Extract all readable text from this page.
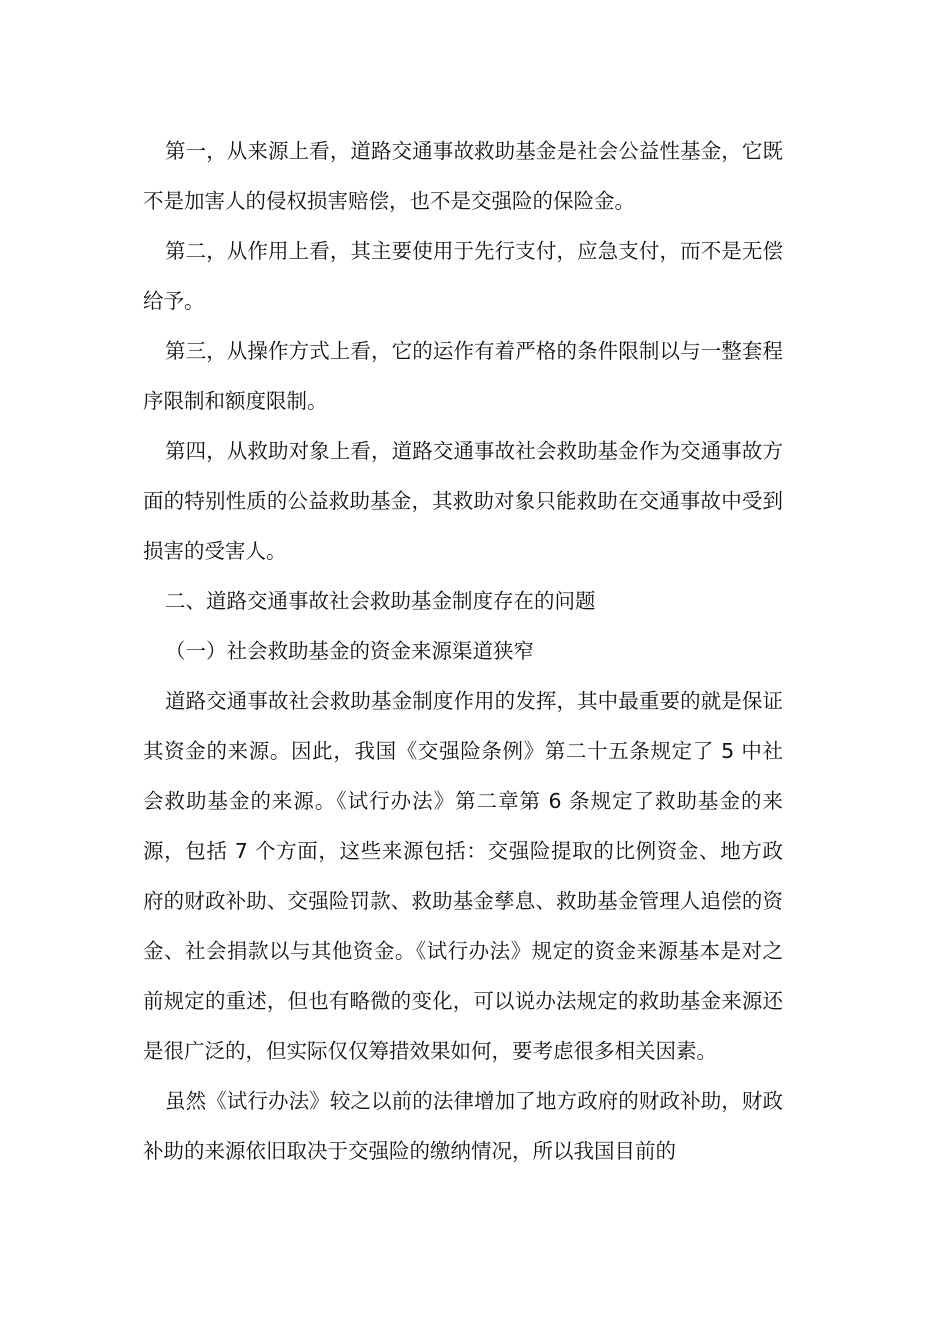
第一，从来源上看，道路交通事故救助基金是社会公益性基金，它既不是加害人的侵权损害赔偿，也不是交强险的保险金。

第二，从作用上看，其主要使用于先行支付，应急支付，而不是无偿给予。

第三，从操作方式上看，它的运作有着严格的条件限制以与一整套程序限制和额度限制。

第四，从救助对象上看，道路交通事故社会救助基金作为交通事故方面的特别性质的公益救助基金，其救助对象只能救助在交通事故中受到损害的受害人。

二、道路交通事故社会救助基金制度存在的问题

（一）社会救助基金的资金来源渠道狭窄

道路交通事故社会救助基金制度作用的发挥，其中最重要的就是保证其资金的来源。因此，我国《交强险条例》第二十五条规定了 5 中社会救助基金的来源。《试行办法》第二章第 6 条规定了救助基金的来源，包括 7 个方面，这些来源包括：交强险提取的比例资金、地方政府的财政补助、交强险罚款、救助基金孳息、救助基金管理人追偿的资金、社会捐款以与其他资金。《试行办法》规定的资金来源基本是对之前规定的重述，但也有略微的变化，可以说办法规定的救助基金来源还是很广泛的，但实际仅仅筹措效果如何，要考虑很多相关因素。

虽然《试行办法》较之以前的法律增加了地方政府的财政补助，财政补助的来源依旧取决于交强险的缴纳情况，所以我国目前的
